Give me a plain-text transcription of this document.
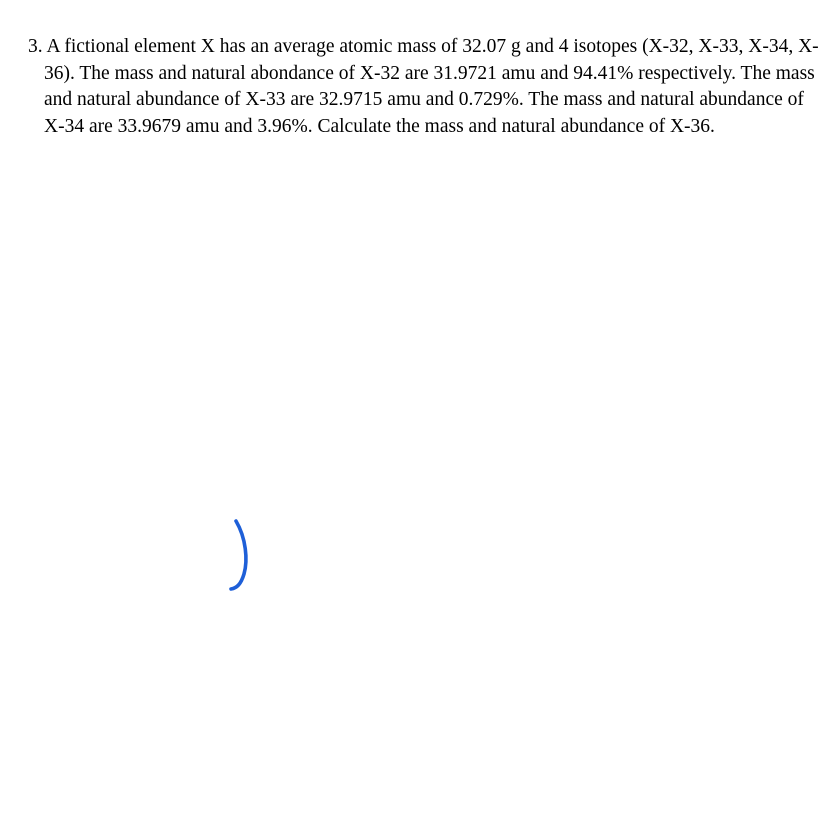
3. A fictional element X has an average atomic mass of 32.07 g and 4 isotopes (X-32, X-33, X-34, X-36). The mass and natural abondance of X-32 are 31.9721 amu and 94.41% respectively. The mass and natural abundance of X-33 are 32.9715 amu and 0.729%. The mass and natural abundance of X-34 are 33.9679 amu and 3.96%. Calculate the mass and natural abundance of X-36.
